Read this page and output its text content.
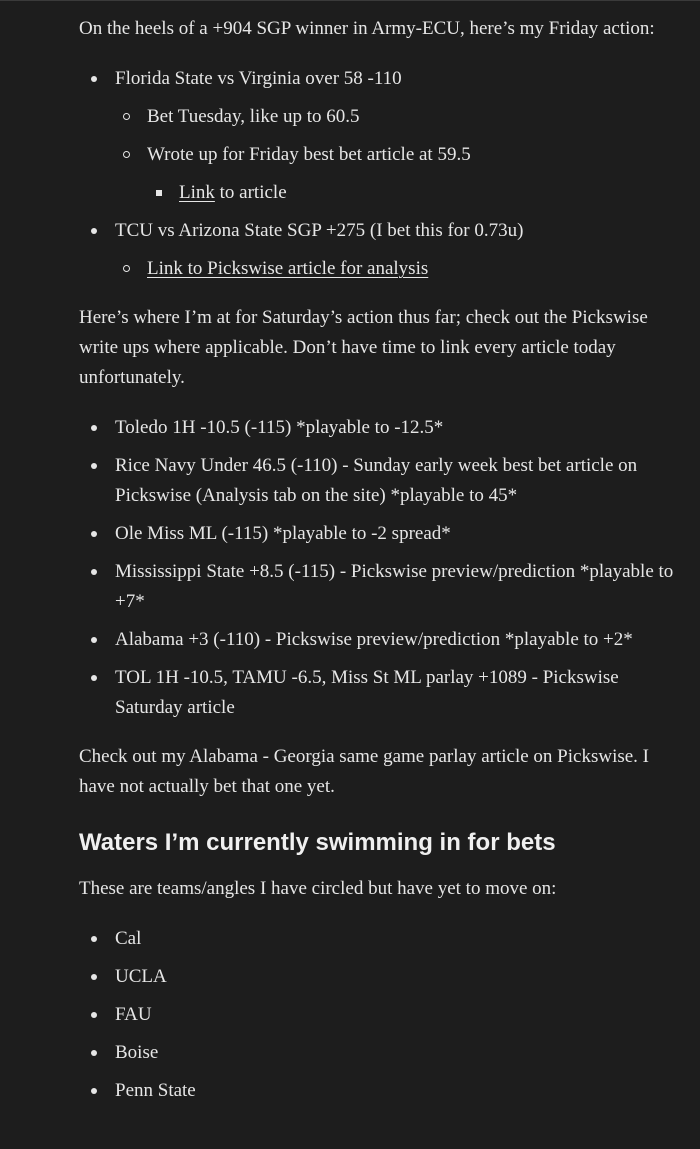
On the heels of a +904 SGP winner in Army-ECU, here’s my Friday action:

Florida State vs Virginia over 58 -110
Bet Tuesday, like up to 60.5
Wrote up for Friday best bet article at 59.5
Link to article
TCU vs Arizona State SGP +275 (I bet this for 0.73u)
Link to Pickswise article for analysis

Here’s where I’m at for Saturday’s action thus far; check out the Pickswise write ups where applicable. Don’t have time to link every article today unfortunately.

Toledo 1H -10.5 (-115) *playable to -12.5*
Rice Navy Under 46.5 (-110) - Sunday early week best bet article on Pickswise (Analysis tab on the site) *playable to 45*
Ole Miss ML (-115) *playable to -2 spread*
Mississippi State +8.5 (-115) - Pickswise preview/prediction *playable to +7*
Alabama +3 (-110) - Pickswise preview/prediction *playable to +2*
TOL 1H -10.5, TAMU -6.5, Miss St ML parlay +1089 - Pickswise Saturday article

Check out my Alabama - Georgia same game parlay article on Pickswise. I have not actually bet that one yet.

Waters I’m currently swimming in for bets

These are teams/angles I have circled but have yet to move on:

Cal
UCLA
FAU
Boise
Penn State
